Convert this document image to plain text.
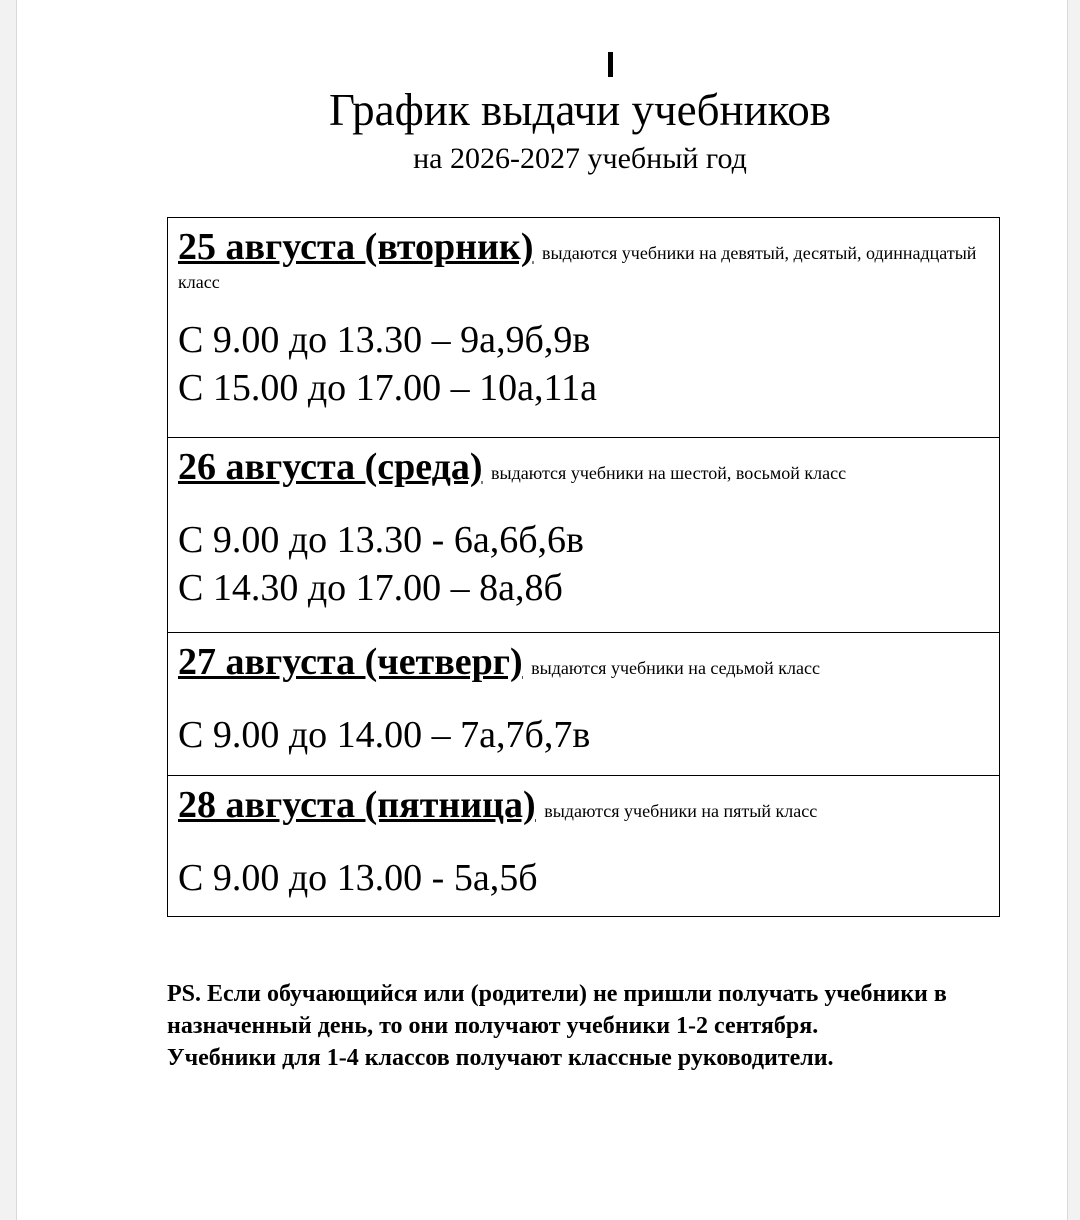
График выдачи учебников
на 2026-2027 учебный год
25 августа (вторник) выдаются учебники на девятый, десятый, одиннадцатый класс
С 9.00 до 13.30 – 9а,9б,9в
С 15.00 до 17.00 – 10а,11а
26 августа (среда) выдаются учебники на шестой, восьмой класс
С 9.00 до 13.30 - 6а,6б,6в
С 14.30 до 17.00 – 8а,8б
27 августа (четверг) выдаются учебники на седьмой класс
С 9.00 до 14.00 – 7а,7б,7в
28 августа (пятница) выдаются учебники на пятый класс
С 9.00 до 13.00 - 5а,5б

PS. Если обучающийся или (родители) не пришли получать учебники в назначенный день, то они получают учебники 1-2 сентября.

Учебники для 1-4 классов получают классные руководители.
